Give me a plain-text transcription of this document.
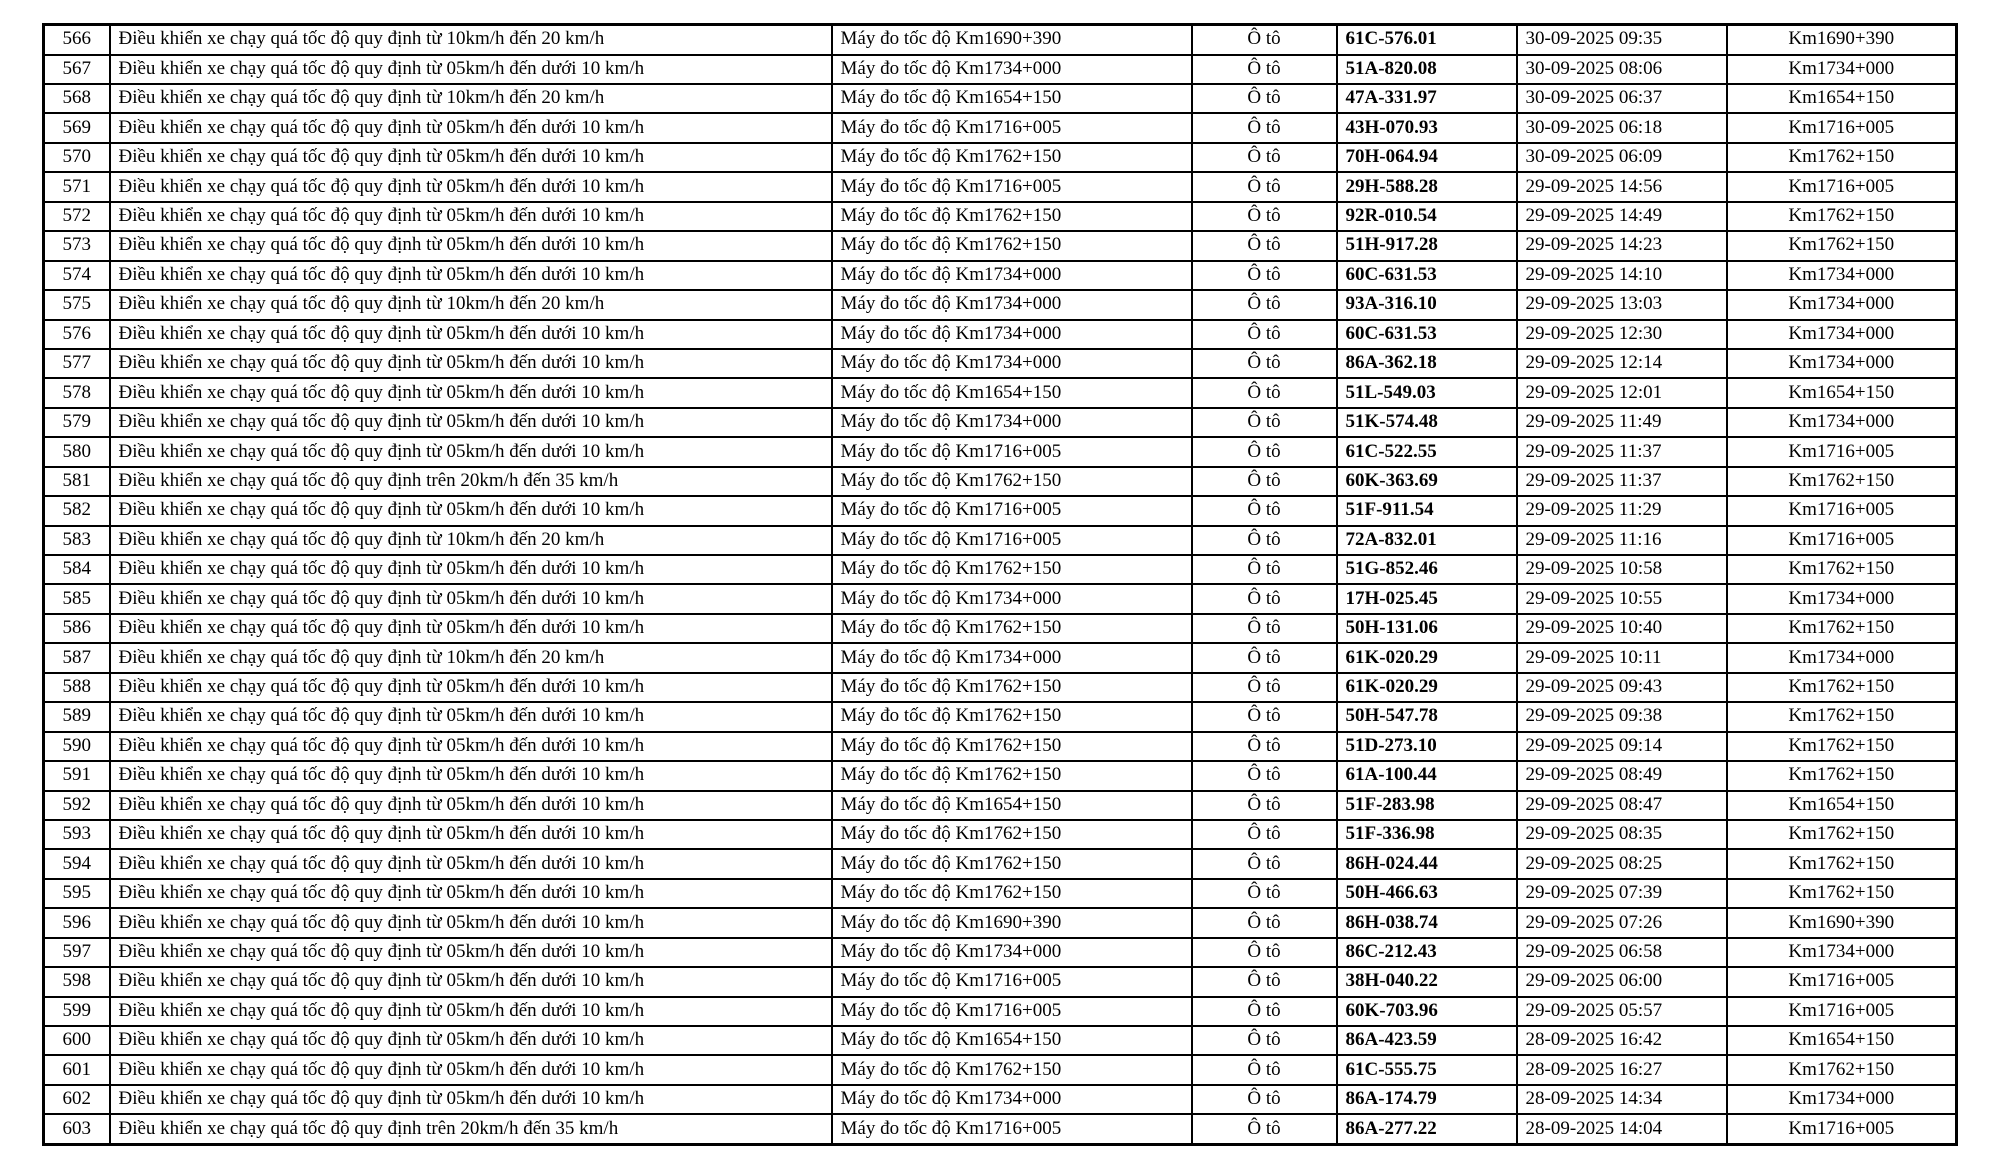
566	Điều khiển xe chạy quá tốc độ quy định từ 10km/h đến 20 km/h	Máy đo tốc độ Km1690+390	Ô tô	61C-576.01	30-09-2025 09:35	Km1690+390
567	Điều khiển xe chạy quá tốc độ quy định từ 05km/h đến dưới 10 km/h	Máy đo tốc độ Km1734+000	Ô tô	51A-820.08	30-09-2025 08:06	Km1734+000
568	Điều khiển xe chạy quá tốc độ quy định từ 10km/h đến 20 km/h	Máy đo tốc độ Km1654+150	Ô tô	47A-331.97	30-09-2025 06:37	Km1654+150
569	Điều khiển xe chạy quá tốc độ quy định từ 05km/h đến dưới 10 km/h	Máy đo tốc độ Km1716+005	Ô tô	43H-070.93	30-09-2025 06:18	Km1716+005
570	Điều khiển xe chạy quá tốc độ quy định từ 05km/h đến dưới 10 km/h	Máy đo tốc độ Km1762+150	Ô tô	70H-064.94	30-09-2025 06:09	Km1762+150
571	Điều khiển xe chạy quá tốc độ quy định từ 05km/h đến dưới 10 km/h	Máy đo tốc độ Km1716+005	Ô tô	29H-588.28	29-09-2025 14:56	Km1716+005
572	Điều khiển xe chạy quá tốc độ quy định từ 05km/h đến dưới 10 km/h	Máy đo tốc độ Km1762+150	Ô tô	92R-010.54	29-09-2025 14:49	Km1762+150
573	Điều khiển xe chạy quá tốc độ quy định từ 05km/h đến dưới 10 km/h	Máy đo tốc độ Km1762+150	Ô tô	51H-917.28	29-09-2025 14:23	Km1762+150
574	Điều khiển xe chạy quá tốc độ quy định từ 05km/h đến dưới 10 km/h	Máy đo tốc độ Km1734+000	Ô tô	60C-631.53	29-09-2025 14:10	Km1734+000
575	Điều khiển xe chạy quá tốc độ quy định từ 10km/h đến 20 km/h	Máy đo tốc độ Km1734+000	Ô tô	93A-316.10	29-09-2025 13:03	Km1734+000
576	Điều khiển xe chạy quá tốc độ quy định từ 05km/h đến dưới 10 km/h	Máy đo tốc độ Km1734+000	Ô tô	60C-631.53	29-09-2025 12:30	Km1734+000
577	Điều khiển xe chạy quá tốc độ quy định từ 05km/h đến dưới 10 km/h	Máy đo tốc độ Km1734+000	Ô tô	86A-362.18	29-09-2025 12:14	Km1734+000
578	Điều khiển xe chạy quá tốc độ quy định từ 05km/h đến dưới 10 km/h	Máy đo tốc độ Km1654+150	Ô tô	51L-549.03	29-09-2025 12:01	Km1654+150
579	Điều khiển xe chạy quá tốc độ quy định từ 05km/h đến dưới 10 km/h	Máy đo tốc độ Km1734+000	Ô tô	51K-574.48	29-09-2025 11:49	Km1734+000
580	Điều khiển xe chạy quá tốc độ quy định từ 05km/h đến dưới 10 km/h	Máy đo tốc độ Km1716+005	Ô tô	61C-522.55	29-09-2025 11:37	Km1716+005
581	Điều khiển xe chạy quá tốc độ quy định trên 20km/h đến 35 km/h	Máy đo tốc độ Km1762+150	Ô tô	60K-363.69	29-09-2025 11:37	Km1762+150
582	Điều khiển xe chạy quá tốc độ quy định từ 05km/h đến dưới 10 km/h	Máy đo tốc độ Km1716+005	Ô tô	51F-911.54	29-09-2025 11:29	Km1716+005
583	Điều khiển xe chạy quá tốc độ quy định từ 10km/h đến 20 km/h	Máy đo tốc độ Km1716+005	Ô tô	72A-832.01	29-09-2025 11:16	Km1716+005
584	Điều khiển xe chạy quá tốc độ quy định từ 05km/h đến dưới 10 km/h	Máy đo tốc độ Km1762+150	Ô tô	51G-852.46	29-09-2025 10:58	Km1762+150
585	Điều khiển xe chạy quá tốc độ quy định từ 05km/h đến dưới 10 km/h	Máy đo tốc độ Km1734+000	Ô tô	17H-025.45	29-09-2025 10:55	Km1734+000
586	Điều khiển xe chạy quá tốc độ quy định từ 05km/h đến dưới 10 km/h	Máy đo tốc độ Km1762+150	Ô tô	50H-131.06	29-09-2025 10:40	Km1762+150
587	Điều khiển xe chạy quá tốc độ quy định từ 10km/h đến 20 km/h	Máy đo tốc độ Km1734+000	Ô tô	61K-020.29	29-09-2025 10:11	Km1734+000
588	Điều khiển xe chạy quá tốc độ quy định từ 05km/h đến dưới 10 km/h	Máy đo tốc độ Km1762+150	Ô tô	61K-020.29	29-09-2025 09:43	Km1762+150
589	Điều khiển xe chạy quá tốc độ quy định từ 05km/h đến dưới 10 km/h	Máy đo tốc độ Km1762+150	Ô tô	50H-547.78	29-09-2025 09:38	Km1762+150
590	Điều khiển xe chạy quá tốc độ quy định từ 05km/h đến dưới 10 km/h	Máy đo tốc độ Km1762+150	Ô tô	51D-273.10	29-09-2025 09:14	Km1762+150
591	Điều khiển xe chạy quá tốc độ quy định từ 05km/h đến dưới 10 km/h	Máy đo tốc độ Km1762+150	Ô tô	61A-100.44	29-09-2025 08:49	Km1762+150
592	Điều khiển xe chạy quá tốc độ quy định từ 05km/h đến dưới 10 km/h	Máy đo tốc độ Km1654+150	Ô tô	51F-283.98	29-09-2025 08:47	Km1654+150
593	Điều khiển xe chạy quá tốc độ quy định từ 05km/h đến dưới 10 km/h	Máy đo tốc độ Km1762+150	Ô tô	51F-336.98	29-09-2025 08:35	Km1762+150
594	Điều khiển xe chạy quá tốc độ quy định từ 05km/h đến dưới 10 km/h	Máy đo tốc độ Km1762+150	Ô tô	86H-024.44	29-09-2025 08:25	Km1762+150
595	Điều khiển xe chạy quá tốc độ quy định từ 05km/h đến dưới 10 km/h	Máy đo tốc độ Km1762+150	Ô tô	50H-466.63	29-09-2025 07:39	Km1762+150
596	Điều khiển xe chạy quá tốc độ quy định từ 05km/h đến dưới 10 km/h	Máy đo tốc độ Km1690+390	Ô tô	86H-038.74	29-09-2025 07:26	Km1690+390
597	Điều khiển xe chạy quá tốc độ quy định từ 05km/h đến dưới 10 km/h	Máy đo tốc độ Km1734+000	Ô tô	86C-212.43	29-09-2025 06:58	Km1734+000
598	Điều khiển xe chạy quá tốc độ quy định từ 05km/h đến dưới 10 km/h	Máy đo tốc độ Km1716+005	Ô tô	38H-040.22	29-09-2025 06:00	Km1716+005
599	Điều khiển xe chạy quá tốc độ quy định từ 05km/h đến dưới 10 km/h	Máy đo tốc độ Km1716+005	Ô tô	60K-703.96	29-09-2025 05:57	Km1716+005
600	Điều khiển xe chạy quá tốc độ quy định từ 05km/h đến dưới 10 km/h	Máy đo tốc độ Km1654+150	Ô tô	86A-423.59	28-09-2025 16:42	Km1654+150
601	Điều khiển xe chạy quá tốc độ quy định từ 05km/h đến dưới 10 km/h	Máy đo tốc độ Km1762+150	Ô tô	61C-555.75	28-09-2025 16:27	Km1762+150
602	Điều khiển xe chạy quá tốc độ quy định từ 05km/h đến dưới 10 km/h	Máy đo tốc độ Km1734+000	Ô tô	86A-174.79	28-09-2025 14:34	Km1734+000
603	Điều khiển xe chạy quá tốc độ quy định trên 20km/h đến 35 km/h	Máy đo tốc độ Km1716+005	Ô tô	86A-277.22	28-09-2025 14:04	Km1716+005
